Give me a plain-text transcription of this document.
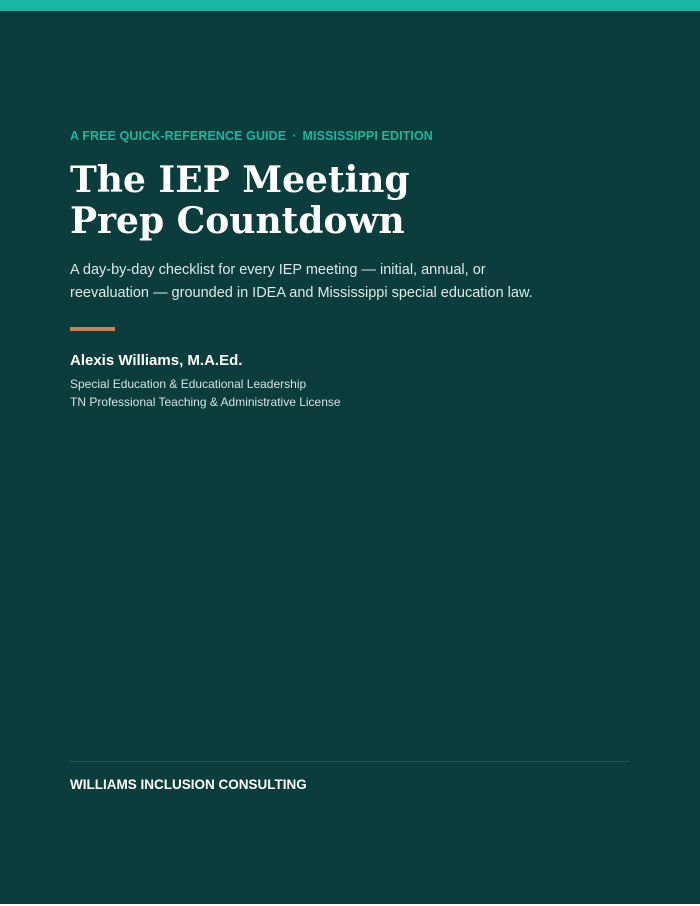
A FREE QUICK-REFERENCE GUIDE · MISSISSIPPI EDITION
The IEP Meeting
Prep Countdown

A day-by-day checklist for every IEP meeting — initial, annual, or
reevaluation — grounded in IDEA and Mississippi special education law.

Alexis Williams, M.A.Ed.
Special Education & Educational Leadership
TN Professional Teaching & Administrative License
WILLIAMS INCLUSION CONSULTING
